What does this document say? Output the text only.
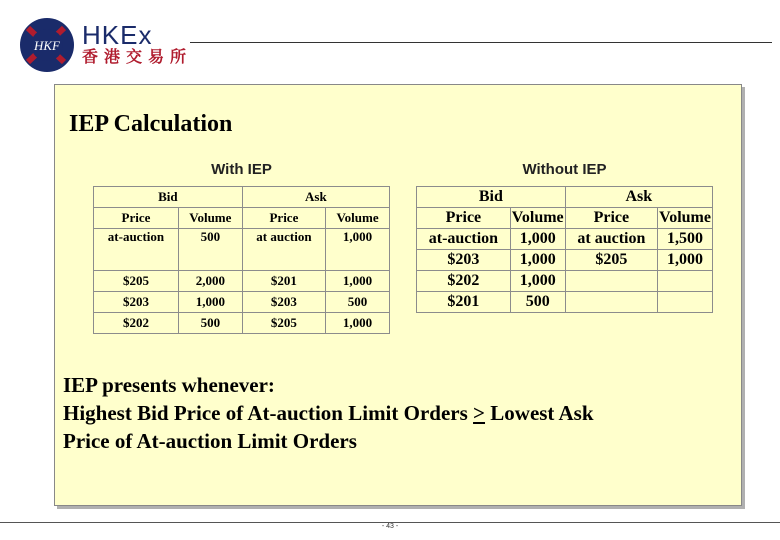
HKF HKEx
香港交易所
IEP Calculation
With IEP
Bid		Ask	
Price	Volume	Price	Volume
at-auction	500	at auction	1,000
$205	2,000	$201	1,000
$203	1,000	$203	500
$202	500	$205	1,000
Without IEP
Bid		Ask	
Price	Volume	Price	Volume
at-auction	1,000	at auction	1,500
$203	1,000	$205	1,000
$202	1,000		
$201	500		
IEP presents whenever:
Highest Bid Price of At-auction Limit Orders > Lowest Ask
Price of At-auction Limit Orders
- 43 -
